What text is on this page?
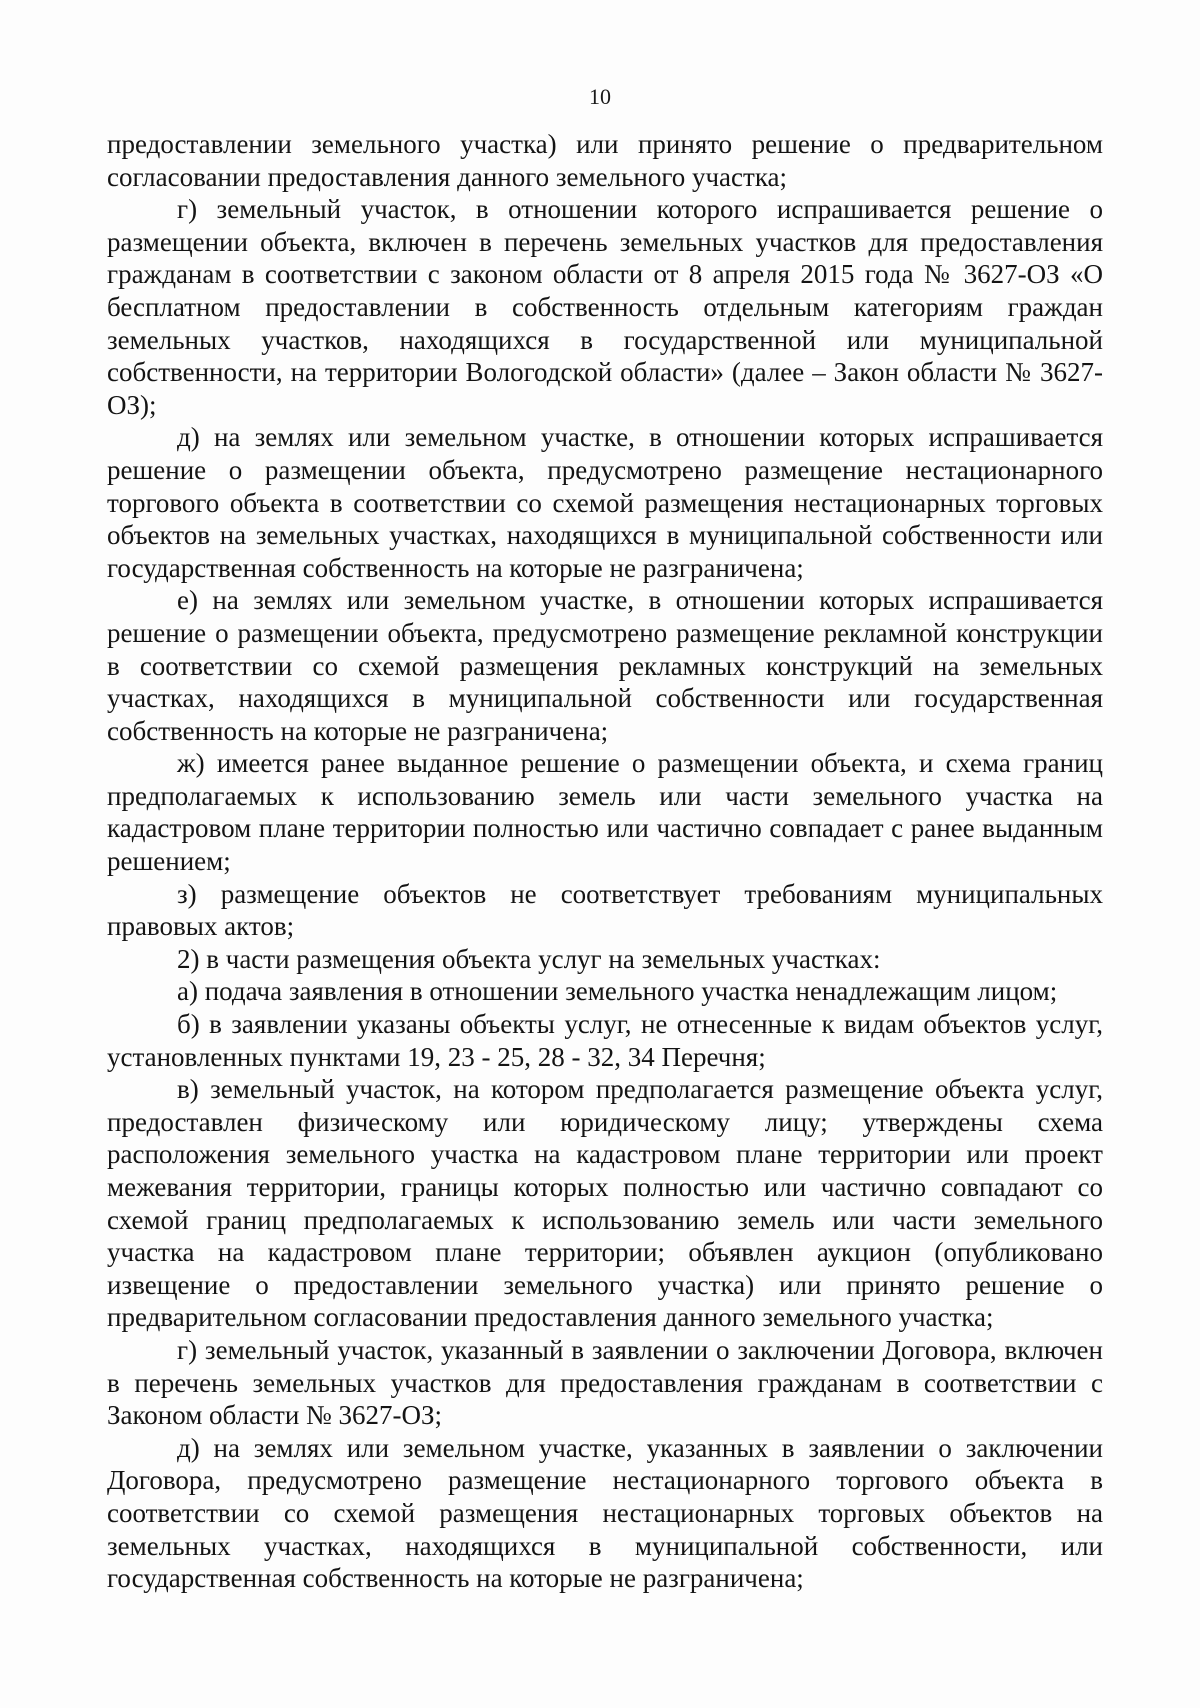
10

предоставлении земельного участка) или принято решение о предварительном согласовании предоставления данного земельного участка;

г) земельный участок, в отношении которого испрашивается решение о размещении объекта, включен в перечень земельных участков для предоставления гражданам в соответствии с законом области от 8 апреля 2015 года № 3627-ОЗ «О бесплатном предоставлении в собственность отдельным категориям граждан земельных участков, находящихся в государственной или муниципальной собственности, на территории Вологодской области» (далее – Закон области № 3627-ОЗ);

д) на землях или земельном участке, в отношении которых испрашивается решение о размещении объекта, предусмотрено размещение нестационарного торгового объекта в соответствии со схемой размещения нестационарных торговых объектов на земельных участках, находящихся в муниципальной собственности или государственная собственность на которые не разграничена;

е) на землях или земельном участке, в отношении которых испрашивается решение о размещении объекта, предусмотрено размещение рекламной конструкции в соответствии со схемой размещения рекламных конструкций на земельных участках, находящихся в муниципальной собственности или государственная собственность на которые не разграничена;

ж) имеется ранее выданное решение о размещении объекта, и схема границ предполагаемых к использованию земель или части земельного участка на кадастровом плане территории полностью или частично совпадает с ранее выданным решением;

з) размещение объектов не соответствует требованиям муниципальных правовых актов;

2) в части размещения объекта услуг на земельных участках:

а) подача заявления в отношении земельного участка ненадлежащим лицом;

б) в заявлении указаны объекты услуг, не отнесенные к видам объектов услуг, установленных пунктами 19, 23 - 25, 28 - 32, 34 Перечня;

в) земельный участок, на котором предполагается размещение объекта услуг, предоставлен физическому или юридическому лицу; утверждены схема расположения земельного участка на кадастровом плане территории или проект межевания территории, границы которых полностью или частично совпадают со схемой границ предполагаемых к использованию земель или части земельного участка на кадастровом плане территории; объявлен аукцион (опубликовано извещение о предоставлении земельного участка) или принято решение о предварительном согласовании предоставления данного земельного участка;

г) земельный участок, указанный в заявлении о заключении Договора, включен в перечень земельных участков для предоставления гражданам в соответствии с Законом области № 3627-ОЗ;

д) на землях или земельном участке, указанных в заявлении о заключении Договора, предусмотрено размещение нестационарного торгового объекта в соответствии со схемой размещения нестационарных торговых объектов на земельных участках, находящихся в муниципальной собственности, или государственная собственность на которые не разграничена;
